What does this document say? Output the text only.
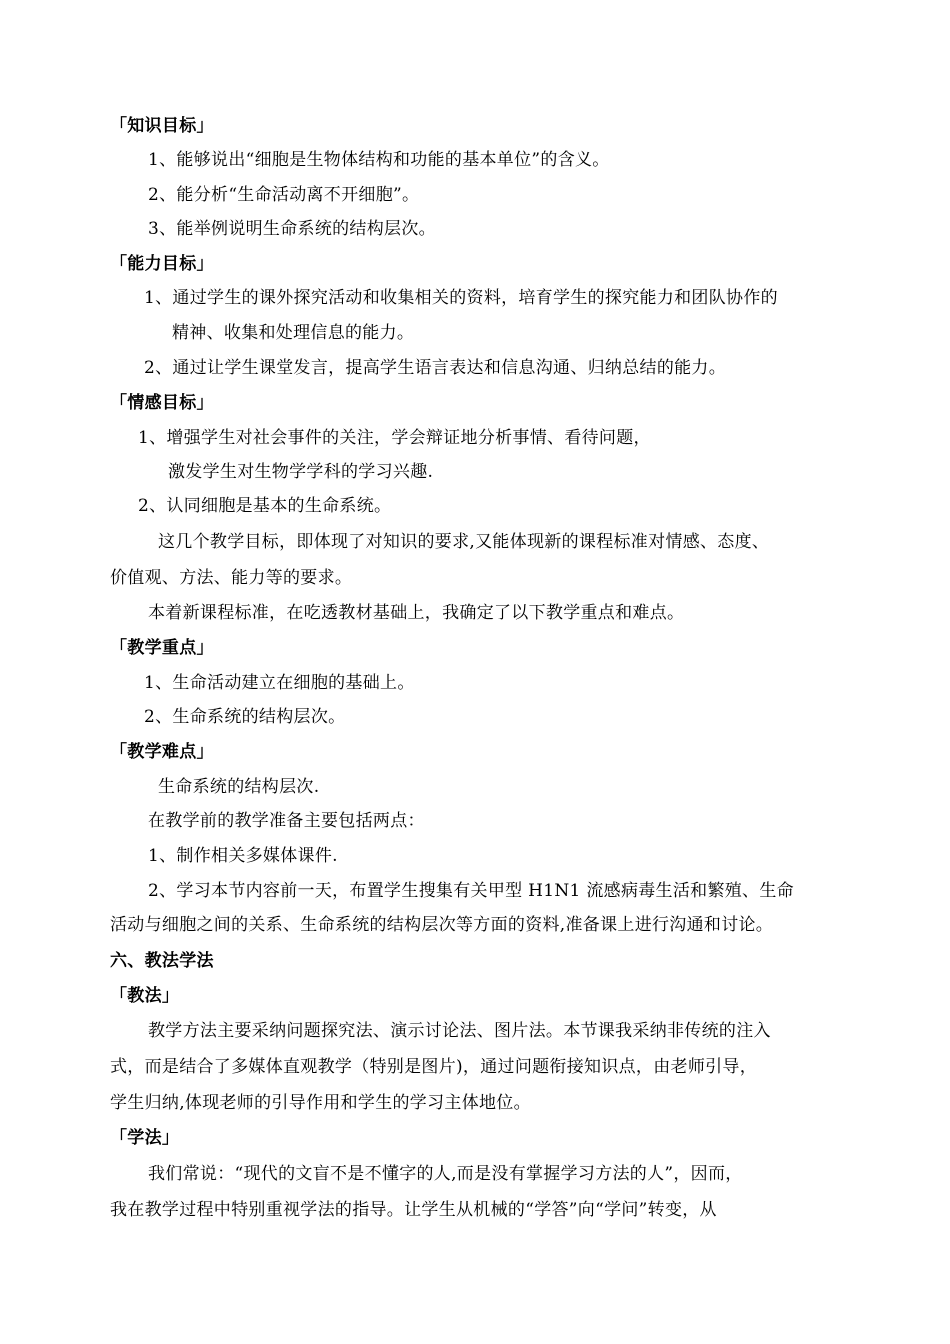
「知识目标」
1、能够说出“细胞是生物体结构和功能的基本单位”的含义。
2、能分析“生命活动离不开细胞”。
3、能举例说明生命系统的结构层次。
「能力目标」
1、通过学生的课外探究活动和收集相关的资料，培育学生的探究能力和团队协作的
精神、收集和处理信息的能力。
2、通过让学生课堂发言，提高学生语言表达和信息沟通、归纳总结的能力。
「情感目标」
1、增强学生对社会事件的关注，学会辩证地分析事情、看待问题，
激发学生对生物学学科的学习兴趣.
2、认同细胞是基本的生命系统。
这几个教学目标，即体现了对知识的要求,又能体现新的课程标准对情感、态度、
价值观、方法、能力等的要求。
本着新课程标准，在吃透教材基础上，我确定了以下教学重点和难点。
「教学重点」
1、生命活动建立在细胞的基础上。
2、生命系统的结构层次。
「教学难点」
生命系统的结构层次.
在教学前的教学准备主要包括两点：
1、制作相关多媒体课件.
2、学习本节内容前一天，布置学生搜集有关甲型 H1N1 流感病毒生活和繁殖、生命
活动与细胞之间的关系、生命系统的结构层次等方面的资料,准备课上进行沟通和讨论。
六、教法学法
「教法」
教学方法主要采纳问题探究法、演示讨论法、图片法。本节课我采纳非传统的注入
式，而是结合了多媒体直观教学（特别是图片)，通过问题衔接知识点，由老师引导，
学生归纳,体现老师的引导作用和学生的学习主体地位。
「学法」
我们常说：“现代的文盲不是不懂字的人,而是没有掌握学习方法的人”，因而，
我在教学过程中特别重视学法的指导。让学生从机械的“学答”向“学问”转变，从
